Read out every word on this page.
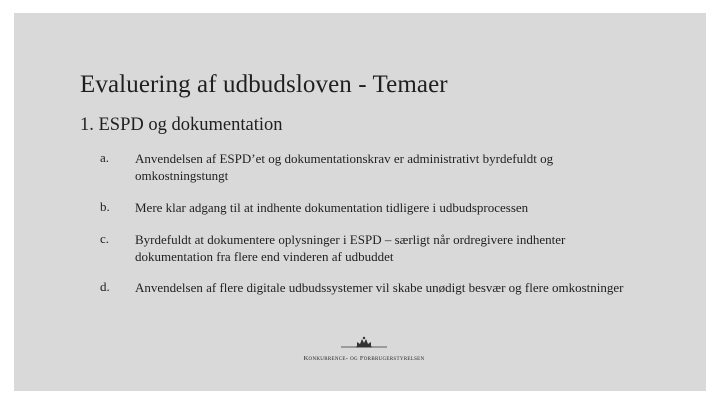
Evaluering af udbudsloven - Temaer
1. ESPD og dokumentation
a. Anvendelsen af ESPD’et og dokumentationskrav er administrativt byrdefuldt og omkostningstungt
b. Mere klar adgang til at indhente dokumentation tidligere i udbudsprocessen
c. Byrdefuldt at dokumentere oplysninger i ESPD – særligt når ordregivere indhenter dokumentation fra flere end vinderen af udbuddet
d. Anvendelsen af flere digitale udbudssystemer vil skabe unødigt besvær og flere omkostninger
Konkurrence- og Forbrugerstyrelsen
